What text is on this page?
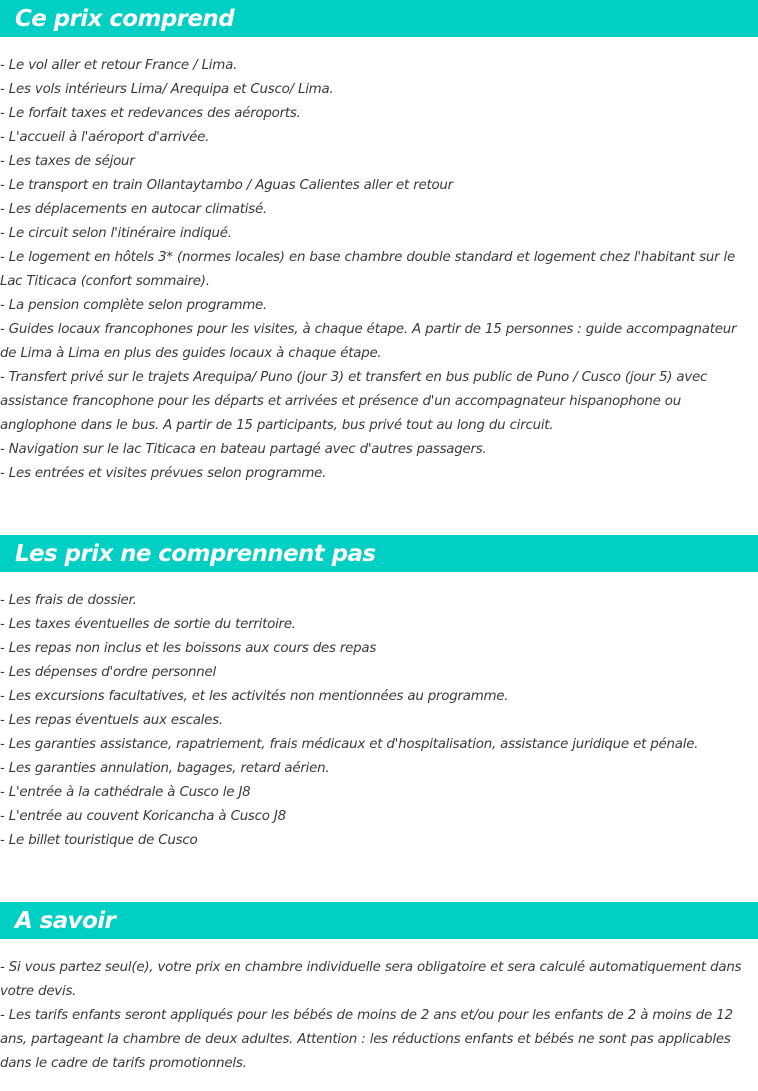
Ce prix comprend
- Le vol aller et retour France / Lima.
- Les vols intérieurs Lima/ Arequipa et Cusco/ Lima.
- Le forfait taxes et redevances des aéroports.
- L'accueil à l'aéroport d'arrivée.
- Les taxes de séjour
- Le transport en train Ollantaytambo / Aguas Calientes aller et retour
- Les déplacements en autocar climatisé.
- Le circuit selon l'itinéraire indiqué.
- Le logement en hôtels 3* (normes locales) en base chambre double standard et logement chez l'habitant sur le Lac Titicaca (confort sommaire).
- La pension complète selon programme.
- Guides locaux francophones pour les visites, à chaque étape. A partir de 15 personnes : guide accompagnateur de Lima à Lima en plus des guides locaux à chaque étape.
- Transfert privé sur le trajets Arequipa/ Puno (jour 3) et transfert en bus public de Puno / Cusco (jour 5) avec assistance francophone pour les départs et arrivées et présence d'un accompagnateur hispanophone ou anglophone dans le bus. A partir de 15 participants, bus privé tout au long du circuit.
- Navigation sur le lac Titicaca en bateau partagé avec d'autres passagers.
- Les entrées et visites prévues selon programme.
Les prix ne comprennent pas
- Les frais de dossier.
- Les taxes éventuelles de sortie du territoire.
- Les repas non inclus et les boissons aux cours des repas
- Les dépenses d'ordre personnel
- Les excursions facultatives, et les activités non mentionnées au programme.
- Les repas éventuels aux escales.
- Les garanties assistance, rapatriement, frais médicaux et d'hospitalisation, assistance juridique et pénale.
- Les garanties annulation, bagages, retard aérien.
- L'entrée à la cathédrale à Cusco le J8
- L'entrée au couvent Koricancha à Cusco J8
- Le billet touristique de Cusco
A savoir
- Si vous partez seul(e), votre prix en chambre individuelle sera obligatoire et sera calculé automatiquement dans votre devis.
- Les tarifs enfants seront appliqués pour les bébés de moins de 2 ans et/ou pour les enfants de 2 à moins de 12 ans, partageant la chambre de deux adultes. Attention : les réductions enfants et bébés ne sont pas applicables dans le cadre de tarifs promotionnels.
